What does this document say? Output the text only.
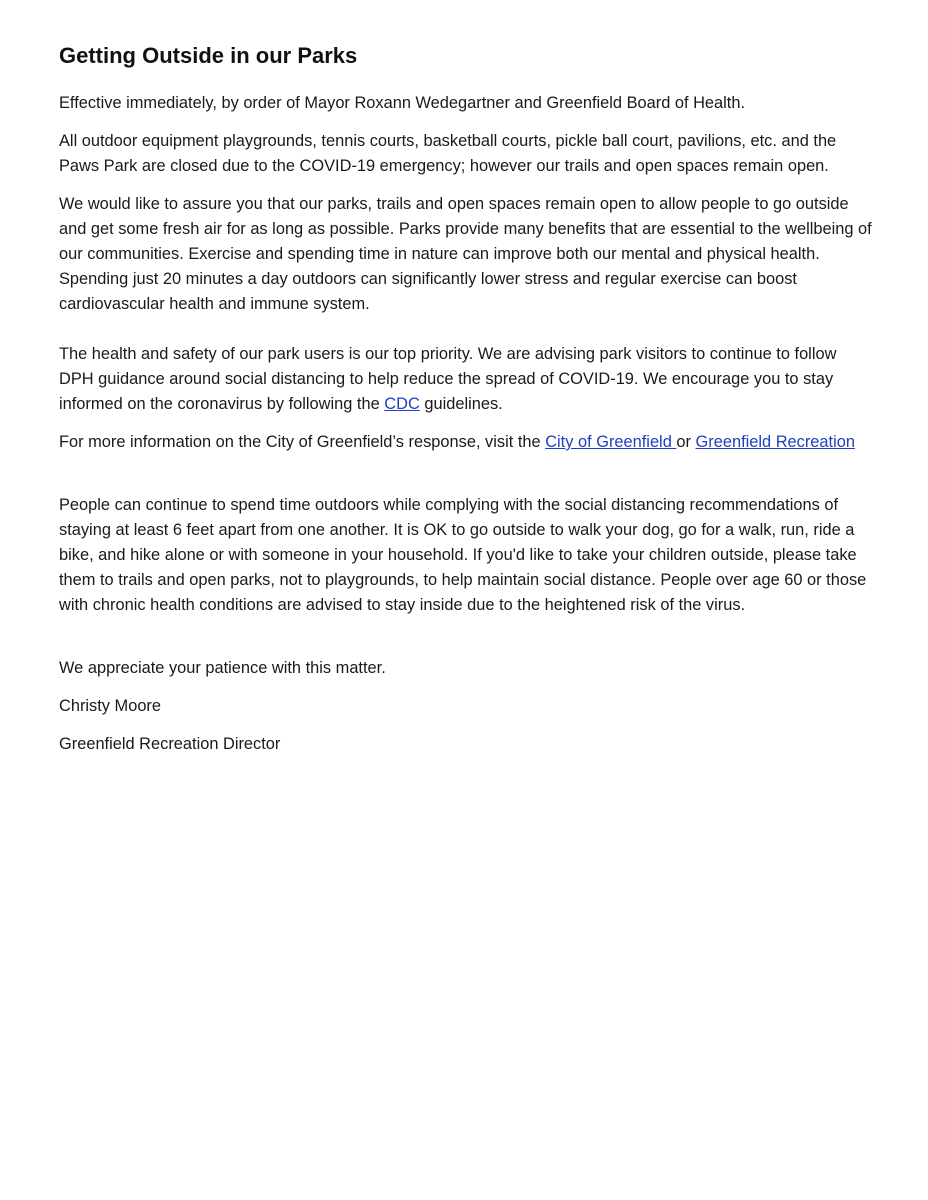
Getting Outside in our Parks

Effective immediately, by order of Mayor Roxann Wedegartner and Greenfield Board of Health.

All outdoor equipment playgrounds, tennis courts, basketball courts, pickle ball court, pavilions, etc. and the Paws Park are closed due to the COVID-19 emergency; however our trails and open spaces remain open.

We would like to assure you that our parks, trails and open spaces remain open to allow people to go outside and get some fresh air for as long as possible. Parks provide many benefits that are essential to the wellbeing of our communities. Exercise and spending time in nature can improve both our mental and physical health. Spending just 20 minutes a day outdoors can significantly lower stress and regular exercise can boost cardiovascular health and immune system.

The health and safety of our park users is our top priority. We are advising park visitors to continue to follow DPH guidance around social distancing to help reduce the spread of COVID-19. We encourage you to stay informed on the coronavirus by following the CDC guidelines.

For more information on the City of Greenfield’s response, visit the City of Greenfield or Greenfield Recreation

People can continue to spend time outdoors while complying with the social distancing recommendations of staying at least 6 feet apart from one another. It is OK to go outside to walk your dog, go for a walk, run, ride a bike, and hike alone or with someone in your household. If you'd like to take your children outside, please take them to trails and open parks, not to playgrounds, to help maintain social distance. People over age 60 or those with chronic health conditions are advised to stay inside due to the heightened risk of the virus.

We appreciate your patience with this matter.

Christy Moore

Greenfield Recreation Director
